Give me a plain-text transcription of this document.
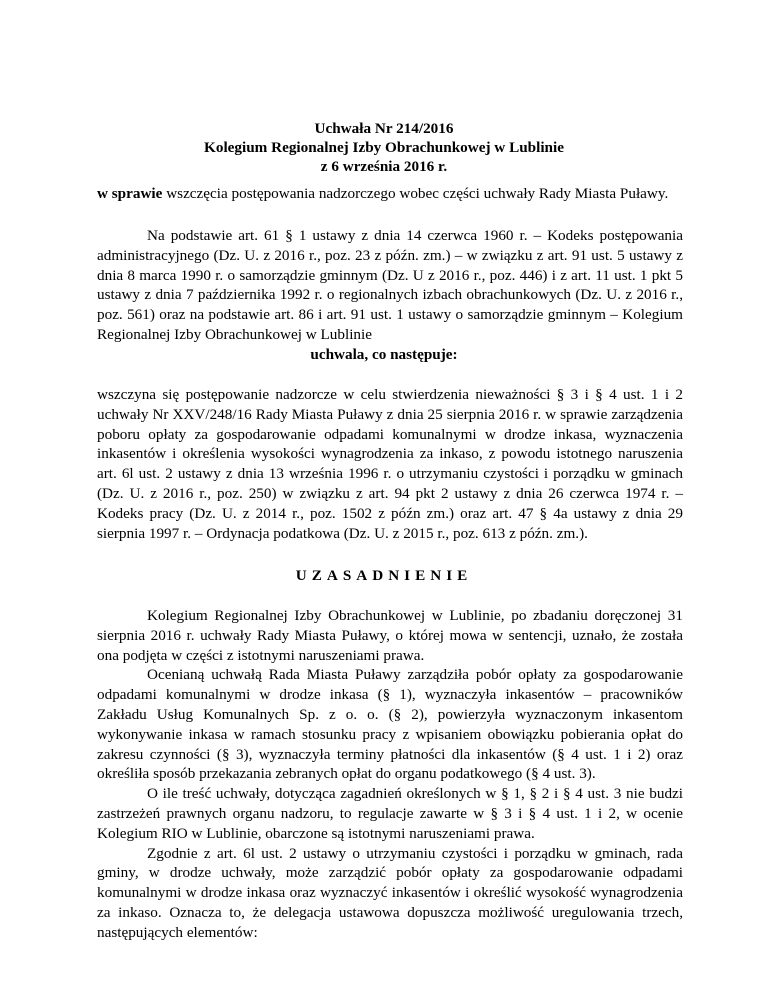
Uchwała Nr 214/2016
Kolegium Regionalnej Izby Obrachunkowej w Lublinie
z 6 września 2016 r.
w sprawie wszczęcia postępowania nadzorczego wobec części uchwały Rady Miasta Puławy.
Na podstawie art. 61 § 1 ustawy z dnia 14 czerwca 1960 r. – Kodeks postępowania administracyjnego (Dz. U. z 2016 r., poz. 23 z późn. zm.) – w związku z art. 91 ust. 5 ustawy z dnia 8 marca 1990 r. o samorządzie gminnym (Dz. U z 2016 r., poz. 446) i z art. 11 ust. 1 pkt 5 ustawy z dnia 7 października 1992 r. o regionalnych izbach obrachunkowych (Dz. U. z 2016 r., poz. 561) oraz na podstawie art. 86 i art. 91 ust. 1 ustawy o samorządzie gminnym – Kolegium Regionalnej Izby Obrachunkowej w Lublinie
uchwala, co następuje:
wszczyna się postępowanie nadzorcze w celu stwierdzenia nieważności § 3 i § 4 ust. 1 i 2 uchwały Nr XXV/248/16 Rady Miasta Puławy z dnia 25 sierpnia 2016 r. w sprawie zarządzenia poboru opłaty za gospodarowanie odpadami komunalnymi w drodze inkasa, wyznaczenia inkasentów i określenia wysokości wynagrodzenia za inkaso, z powodu istotnego naruszenia art. 6l ust. 2 ustawy z dnia 13 września 1996 r. o utrzymaniu czystości i porządku w gminach (Dz. U. z 2016 r., poz. 250) w związku z art. 94 pkt 2 ustawy z dnia 26 czerwca 1974 r. – Kodeks pracy (Dz. U. z 2014 r., poz. 1502 z późn zm.) oraz art. 47 § 4a ustawy z dnia 29 sierpnia 1997 r. – Ordynacja podatkowa (Dz. U. z 2015 r., poz. 613 z późn. zm.).
UZASADNIENIE

Kolegium Regionalnej Izby Obrachunkowej w Lublinie, po zbadaniu doręczonej 31 sierpnia 2016 r. uchwały Rady Miasta Puławy, o której mowa w sentencji, uznało, że została ona podjęta w części z istotnymi naruszeniami prawa.

Ocenianą uchwałą Rada Miasta Puławy zarządziła pobór opłaty za gospodarowanie odpadami komunalnymi w drodze inkasa (§ 1), wyznaczyła inkasentów – pracowników Zakładu Usług Komunalnych Sp. z o. o. (§ 2), powierzyła wyznaczonym inkasentom wykonywanie inkasa w ramach stosunku pracy z wpisaniem obowiązku pobierania opłat do zakresu czynności (§ 3), wyznaczyła terminy płatności dla inkasentów (§ 4 ust. 1 i 2) oraz określiła sposób przekazania zebranych opłat do organu podatkowego (§ 4 ust. 3).

O ile treść uchwały, dotycząca zagadnień określonych w § 1, § 2 i § 4 ust. 3 nie budzi zastrzeżeń prawnych organu nadzoru, to regulacje zawarte w § 3 i § 4 ust. 1 i 2, w ocenie Kolegium RIO w Lublinie, obarczone są istotnymi naruszeniami prawa.

Zgodnie z art. 6l ust. 2 ustawy o utrzymaniu czystości i porządku w gminach, rada gminy, w drodze uchwały, może zarządzić pobór opłaty za gospodarowanie odpadami komunalnymi w drodze inkasa oraz wyznaczyć inkasentów i określić wysokość wynagrodzenia za inkaso. Oznacza to, że delegacja ustawowa dopuszcza możliwość uregulowania trzech, następujących elementów:
